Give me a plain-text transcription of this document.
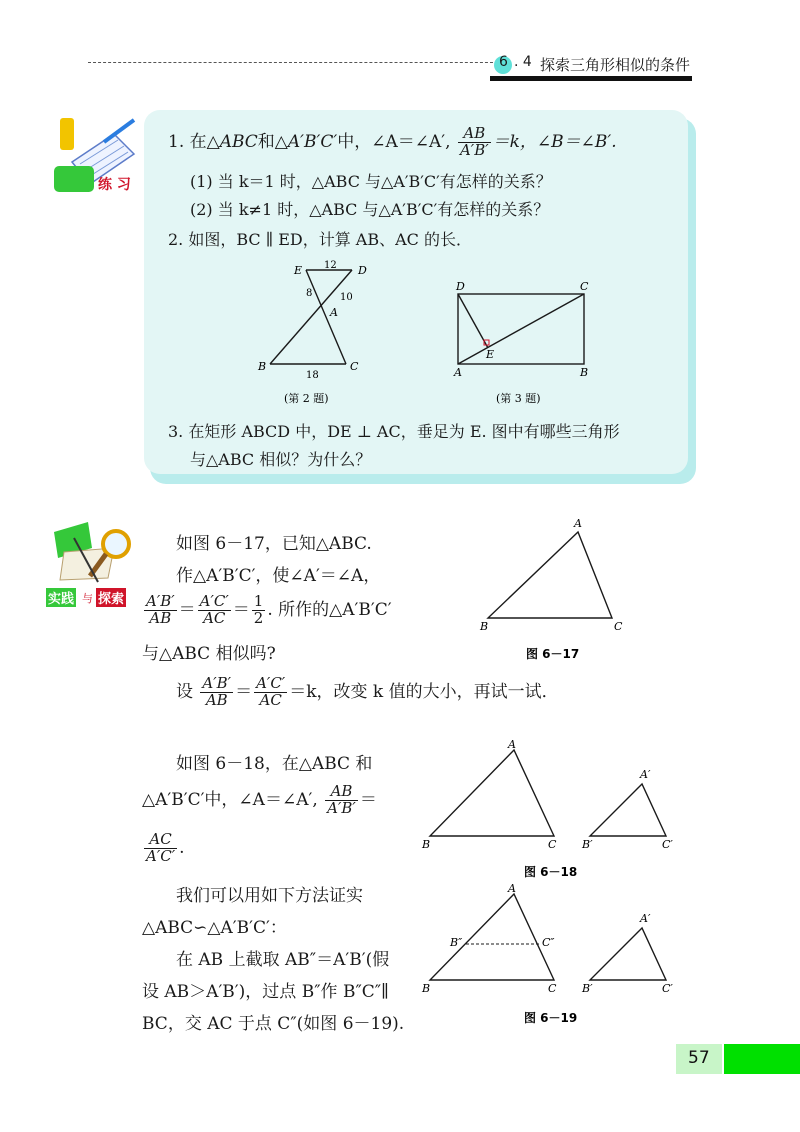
6 . 4 探索三角形相似的条件
练 习
1. 在△ABC和△A′B′C′中，∠A＝∠A′, $\frac{AB}{A'B'} =k$，∠B＝∠B′.
(1) 当 k＝1 时，△ABC 与△A′B′C′有怎样的关系？
(2) 当 k≠1 时，△ABC 与△A′B′C′有怎样的关系？
2. 如图，BC ∥ ED，计算 AB、AC 的长．
E	D
12
8	10
A
B	C
18
(第 2 题)
D	C
E
A	B
(第 3 题)
3. 在矩形 ABCD 中，DE ⊥ AC，垂足为 E. 图中有哪些三角形
与△ABC 相似？为什么？
实践 与 探索
如图 6－17，已知△ABC.
作△A′B′C′，使∠A′＝∠A，
$\frac{A'B'}{AB} = \frac{A'C'}{AC} = \frac{1}{2}$ . 所作的△A′B′C′
与△ABC 相似吗?
设 $\frac{A'B'}{AB} = \frac{A'C'}{AC} =k$，改变 k 值的大小，再试一试．
A
B	C
图 6－17
如图 6－18，在△ABC 和
△A′B′C′中，∠A＝∠A′, $\frac{AB}{A'B'}$ ＝
$\frac{AC}{A'C'}$ .
我们可以用如下方法证实
△ABC∽△A′B′C′：
在 AB 上截取 AB″＝A′B′(假
设 AB＞A′B′)，过点 B″作 B″C″∥
BC，交 AC 于点 C″(如图 6－19).
A
B	C
A′
B′	C′
图 6－18
A
B″	C″
B	C
A′
B′	C′
图 6－19
57
